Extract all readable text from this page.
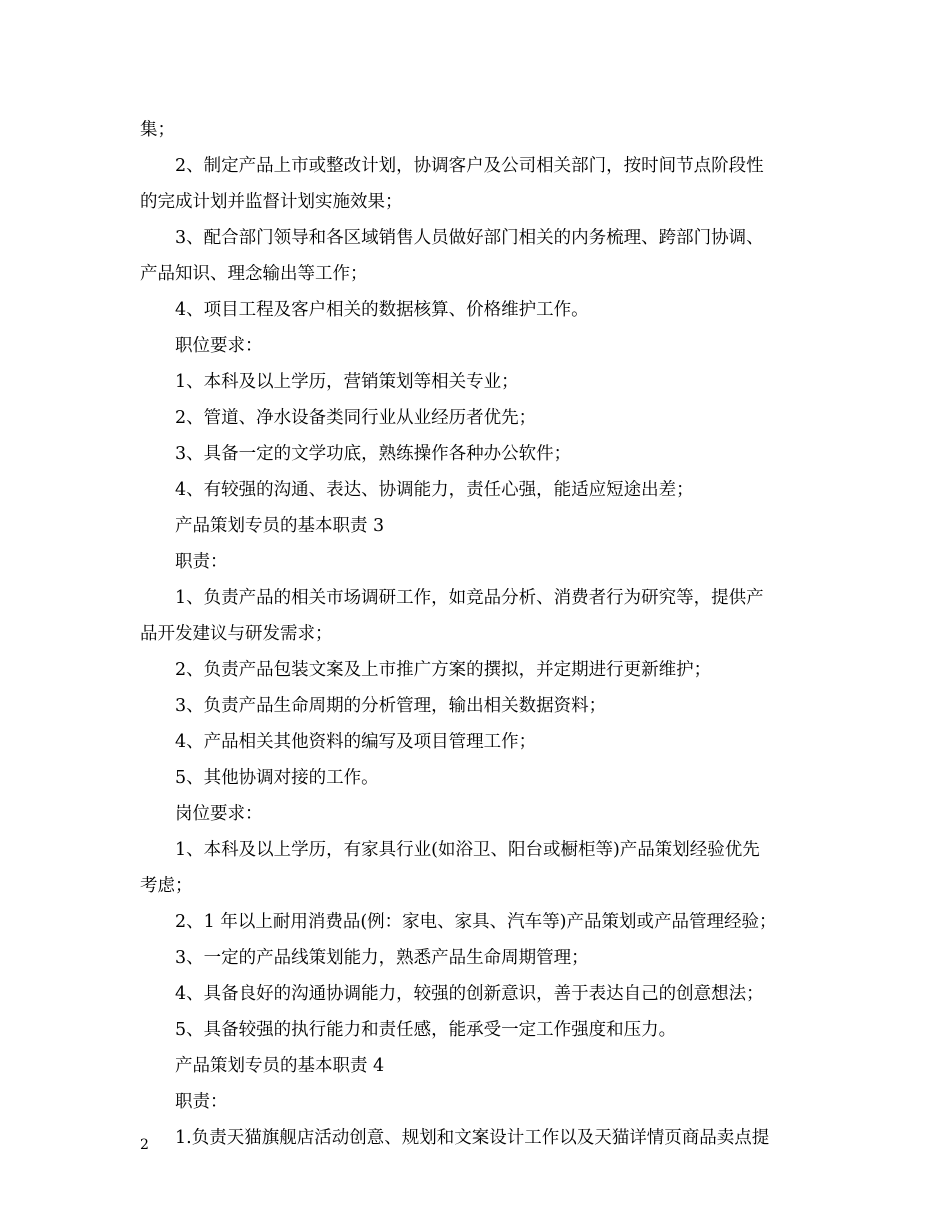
集；
2、制定产品上市或整改计划，协调客户及公司相关部门，按时间节点阶段性
的完成计划并监督计划实施效果；
3、配合部门领导和各区域销售人员做好部门相关的内务梳理、跨部门协调、
产品知识、理念输出等工作；
4、项目工程及客户相关的数据核算、价格维护工作。
职位要求：
1、本科及以上学历，营销策划等相关专业；
2、管道、净水设备类同行业从业经历者优先；
3、具备一定的文学功底，熟练操作各种办公软件；
4、有较强的沟通、表达、协调能力，责任心强，能适应短途出差；
产品策划专员的基本职责 3
职责：
1、负责产品的相关市场调研工作，如竞品分析、消费者行为研究等，提供产
品开发建议与研发需求；
2、负责产品包装文案及上市推广方案的撰拟，并定期进行更新维护；
3、负责产品生命周期的分析管理，输出相关数据资料；
4、产品相关其他资料的编写及项目管理工作；
5、其他协调对接的工作。
岗位要求：
1、本科及以上学历，有家具行业(如浴卫、阳台或橱柜等)产品策划经验优先
考虑；
2、1 年以上耐用消费品(例：家电、家具、汽车等)产品策划或产品管理经验；
3、一定的产品线策划能力，熟悉产品生命周期管理；
4、具备良好的沟通协调能力，较强的创新意识，善于表达自己的创意想法；
5、具备较强的执行能力和责任感，能承受一定工作强度和压力。
产品策划专员的基本职责 4
职责：
1.负责天猫旗舰店活动创意、规划和文案设计工作以及天猫详情页商品卖点提
2
